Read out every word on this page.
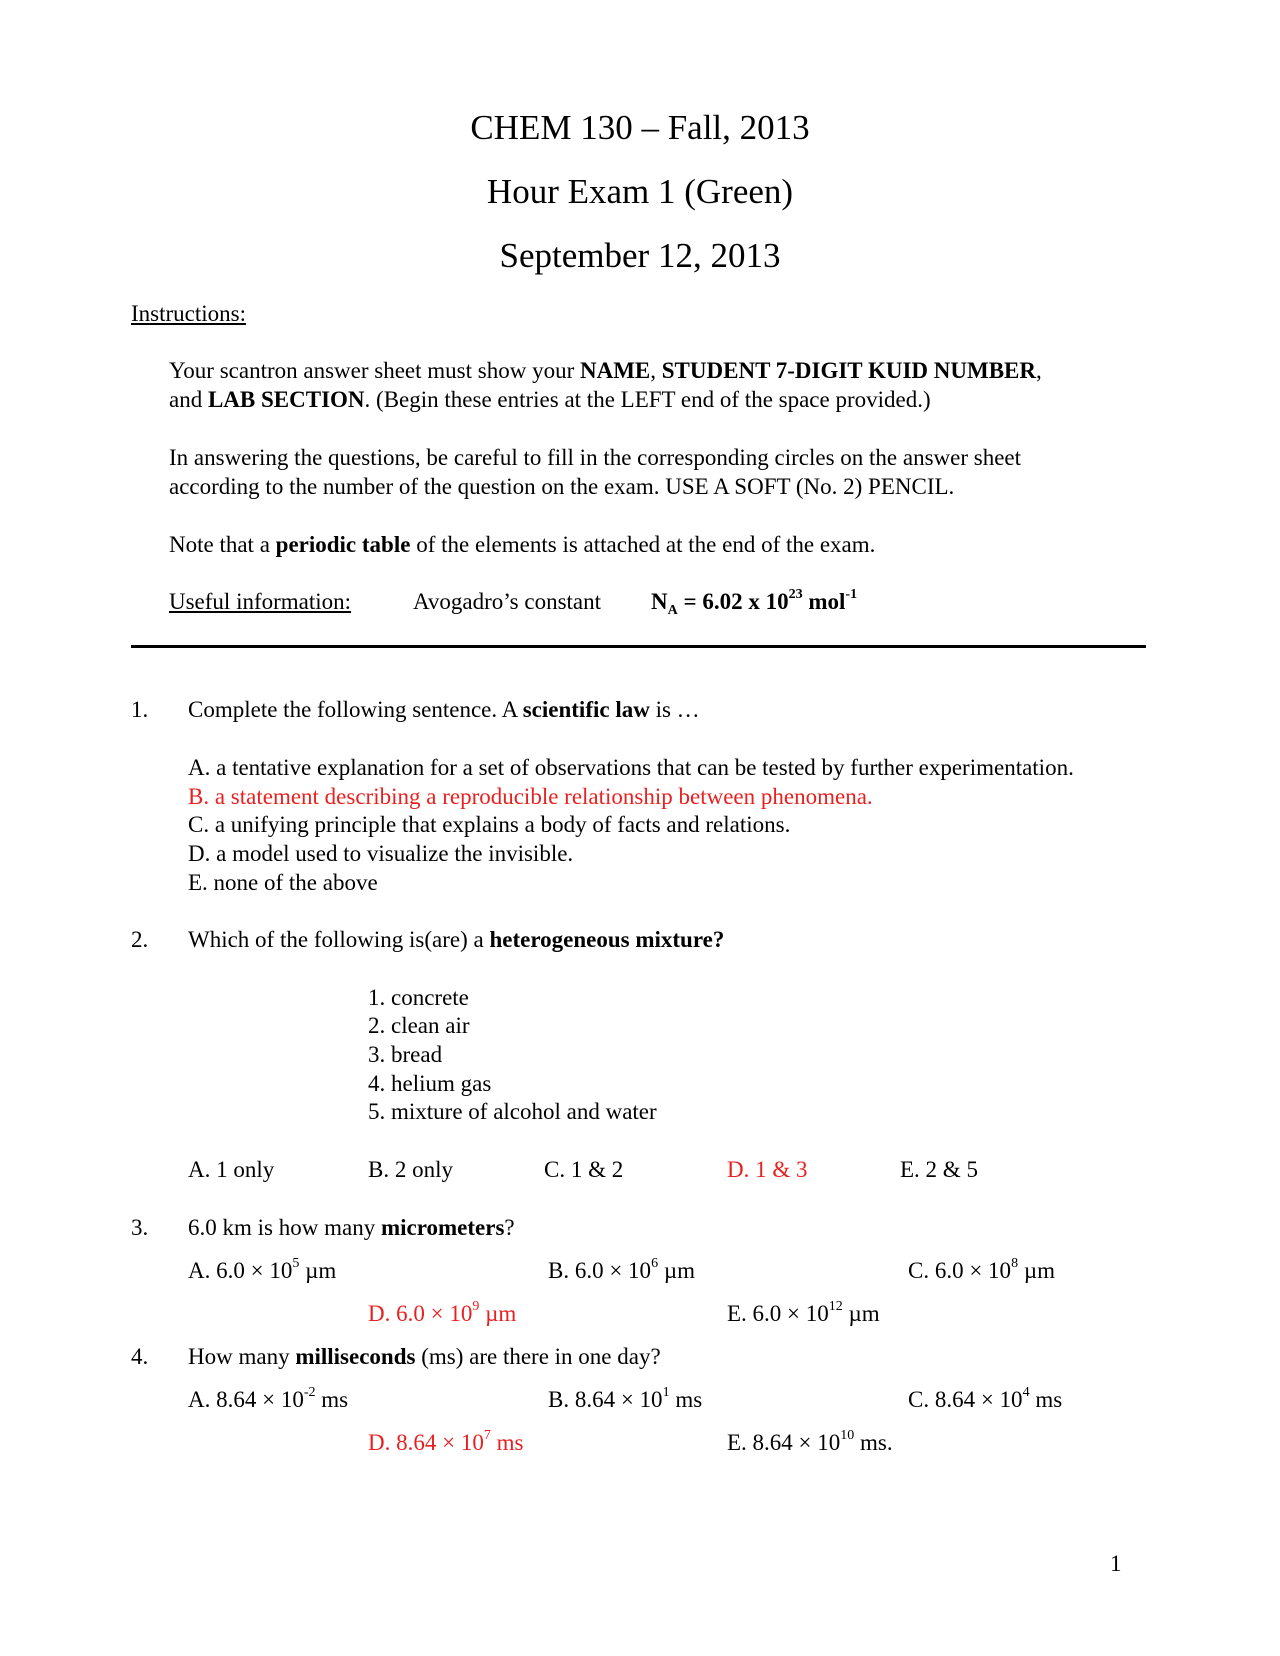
CHEM 130 – Fall, 2013
Hour Exam 1 (Green)
September 12, 2013
Instructions:
Your scantron answer sheet must show your NAME, STUDENT 7-DIGIT KUID NUMBER,
and LAB SECTION. (Begin these entries at the LEFT end of the space provided.)
In answering the questions, be careful to fill in the corresponding circles on the answer sheet
according to the number of the question on the exam. USE A SOFT (No. 2) PENCIL.
Note that a periodic table of the elements is attached at the end of the exam.
Useful information:	Avogadro’s constant $N_A = 6.02$ x $10^{23}$ mol$^{-1}$
1. Complete the following sentence. A scientific law is …
A. a tentative explanation for a set of observations that can be tested by further experimentation.
B. a statement describing a reproducible relationship between phenomena.
C. a unifying principle that explains a body of facts and relations.
D. a model used to visualize the invisible.
E. none of the above
2. Which of the following is(are) a heterogeneous mixture?
1. concrete
2. clean air
3. bread
4. helium gas
5. mixture of alcohol and water
A. 1 only	B. 2 only	C. 1 & 2	D. 1 & 3	E. 2 & 5
3. 6.0 km is how many micrometers?
A. $6.0 \times 10^5$ µm	B. $6.0 \times 10^6$ µm	C. $6.0 \times 10^8$ µm
D. $6.0 \times 10^9$ µm	E. $6.0 \times 10^{12}$ µm
4. How many milliseconds (ms) are there in one day?
A. $8.64 \times 10^{-2}$ ms	B. $8.64 \times 10^1$ ms	C. $8.64 \times 10^4$ ms
D. $8.64 \times 10^7$ ms	E. $8.64 \times 10^{10}$ ms.
1
